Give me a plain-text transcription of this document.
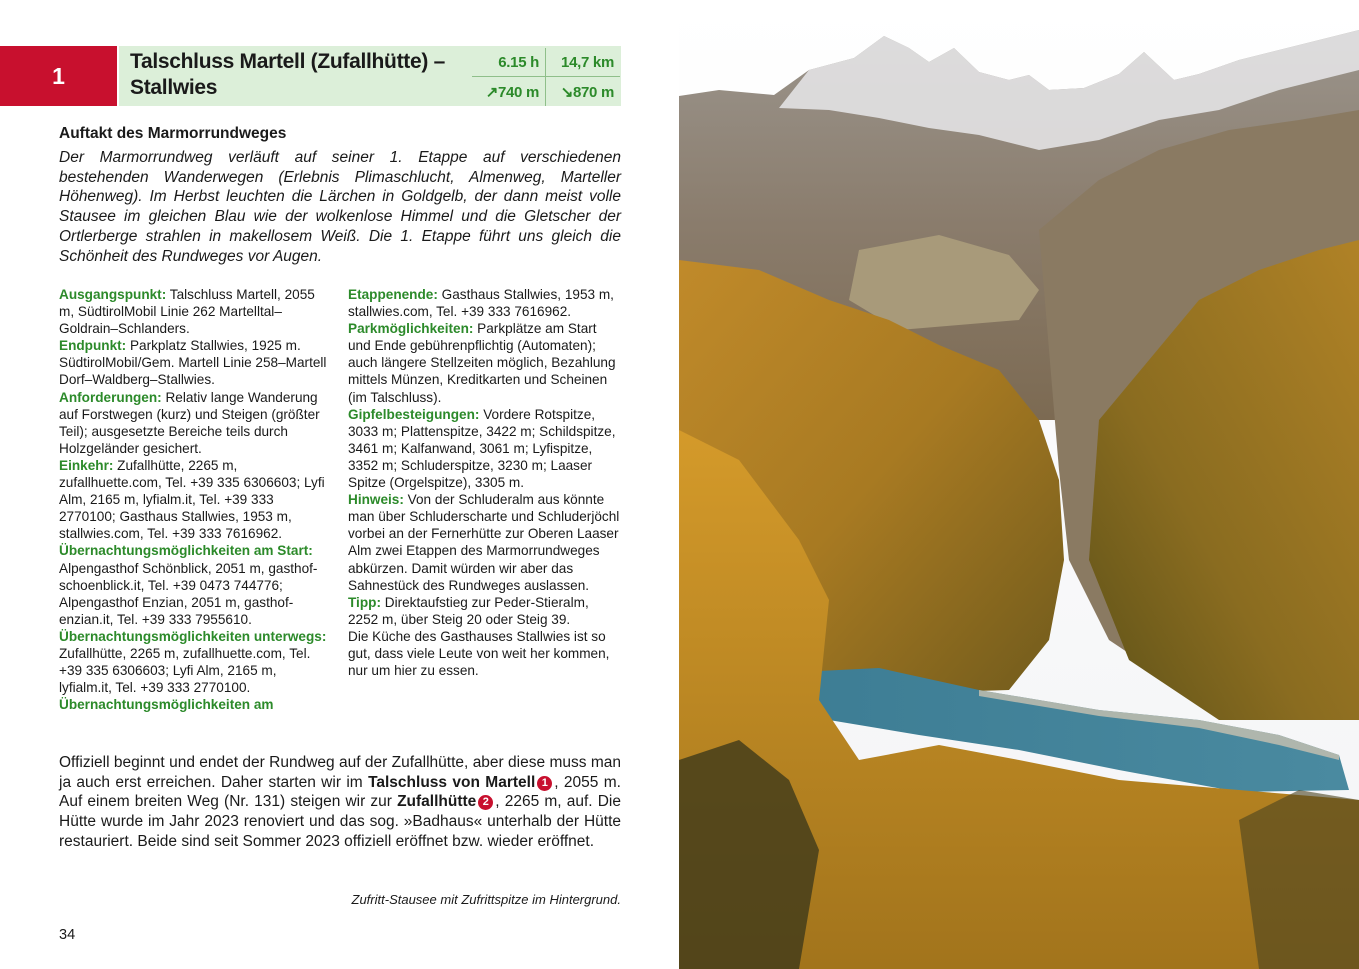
1
Talschluss Martell (Zufallhütte) –
Stallwies
6.15 h	14,7 km
↗740 m	↘870 m
Auftakt des Marmorrundweges

Der Marmorrundweg verläuft auf seiner 1. Etappe auf verschiedenen bestehenden Wanderwegen (Erlebnis Plimaschlucht, Almenweg, Marteller Höhenweg). Im Herbst leuchten die Lärchen in Goldgelb, der dann meist volle Stausee im gleichen Blau wie der wolkenlose Himmel und die Gletscher der Ortlerberge strahlen in makellosem Weiß. Die 1. Etappe führt uns gleich die Schönheit des Rundweges vor Augen.

Ausgangspunkt: Talschluss Martell, 2055 m, SüdtirolMobil Linie 262 Martelltal–Goldrain–Schlanders.
Endpunkt: Parkplatz Stallwies, 1925 m. SüdtirolMobil/Gem. Martell Linie 258–Martell Dorf–Waldberg–Stallwies.
Anforderungen: Relativ lange Wanderung auf Forstwegen (kurz) und Steigen (größter Teil); ausgesetzte Bereiche teils durch Holzgeländer gesichert.
Einkehr: Zufallhütte, 2265 m, zufallhuette.com, Tel. +39 335 6306603; Lyfi Alm, 2165 m, lyfialm.it, Tel. +39 333 2770100; Gasthaus Stallwies, 1953 m, stallwies.com, Tel. +39 333 7616962.
Übernachtungsmöglichkeiten am Start: Alpengasthof Schönblick, 2051 m, gasthof-schoenblick.it, Tel. +39 0473 744776; Alpengasthof Enzian, 2051 m, gasthof-enzian.it, Tel. +39 333 7955610.
Übernachtungsmöglichkeiten unterwegs: Zufallhütte, 2265 m, zufallhuette.com, Tel. +39 335 6306603; Lyfi Alm, 2165 m, lyfialm.it, Tel. +39 333 2770100.
Übernachtungsmöglichkeiten am
Etappenende: Gasthaus Stallwies, 1953 m, stallwies.com, Tel. +39 333 7616962.
Parkmöglichkeiten: Parkplätze am Start und Ende gebührenpflichtig (Automaten); auch längere Stellzeiten möglich, Bezahlung mittels Münzen, Kreditkarten und Scheinen (im Talschluss).
Gipfelbesteigungen: Vordere Rotspitze, 3033 m; Plattenspitze, 3422 m; Schildspitze, 3461 m; Kalfanwand, 3061 m; Lyfispitze, 3352 m; Schluderspitze, 3230 m; Laaser Spitze (Orgelspitze), 3305 m.
Hinweis: Von der Schluderalm aus könnte man über Schluderscharte und Schluderjöchl vorbei an der Fernerhütte zur Oberen Laaser Alm zwei Etappen des Marmorrundweges abkürzen. Damit würden wir aber das Sahnestück des Rundweges auslassen.
Tipp: Direktaufstieg zur Peder-Stieralm, 2252 m, über Steig 20 oder Steig 39.
Die Küche des Gasthauses Stallwies ist so gut, dass viele Leute von weit her kommen, nur um hier zu essen.

Offiziell beginnt und endet der Rundweg auf der Zufallhütte, aber diese muss man ja auch erst erreichen. Daher starten wir im Talschluss von Martell 1 , 2055 m. Auf einem breiten Weg (Nr. 131) steigen wir zur Zufallhütte 2 , 2265 m, auf. Die Hütte wurde im Jahr 2023 renoviert und das sog. »Badhaus« unterhalb der Hütte restauriert. Beide sind seit Sommer 2023 offiziell eröffnet bzw. wieder eröffnet.

Zufritt-Stausee mit Zufrittspitze im Hintergrund.
34
